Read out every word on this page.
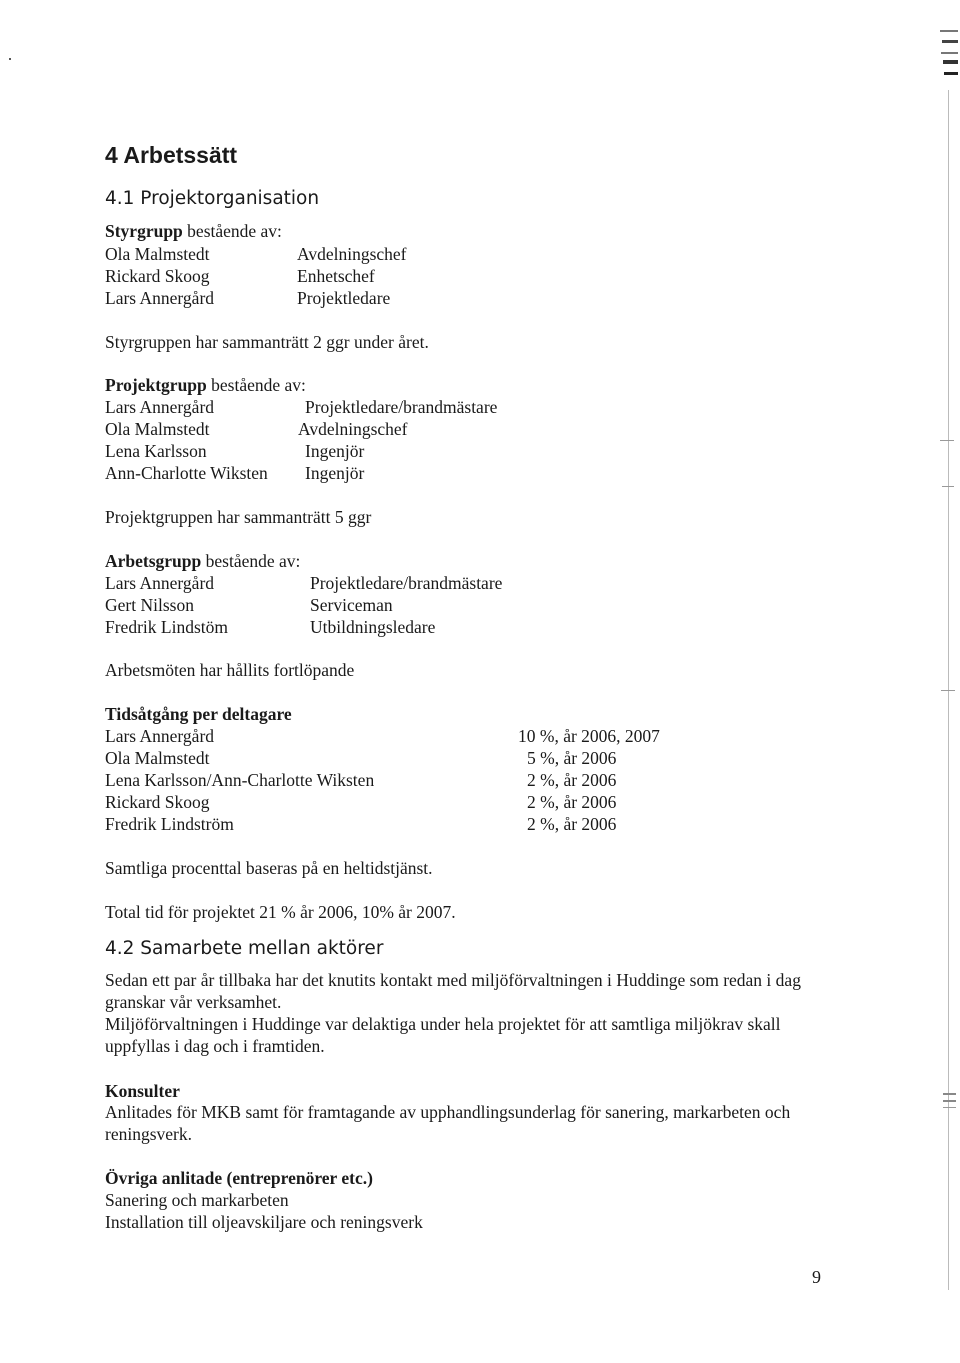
4 Arbetssätt
4.1 Projektorganisation
Styrgrupp bestående av:
Ola Malmstedt	Avdelningschef
Rickard Skoog	Enhetschef
Lars Annergård	Projektledare
Styrgruppen har sammanträtt 2 ggr under året.
Projektgrupp bestående av:
Lars Annergård	Projektledare/brandmästare
Ola Malmstedt	Avdelningschef
Lena Karlsson	Ingenjör
Ann-Charlotte Wiksten Ingenjör
Projektgruppen har sammanträtt 5 ggr
Arbetsgrupp bestående av:
Lars Annergård	Projektledare/brandmästare
Gert Nilsson	Serviceman
Fredrik Lindstöm	Utbildningsledare
Arbetsmöten har hållits fortlöpande
Tidsåtgång per deltagare
Lars Annergård	10 %, år 2006, 2007
Ola Malmstedt	5 %, år 2006
Lena Karlsson/Ann-Charlotte Wiksten	2 %, år 2006
Rickard Skoog	2 %, år 2006
Fredrik Lindström	2 %, år 2006
Samtliga procenttal baseras på en heltidstjänst.
Total tid för projektet 21 % år 2006, 10% år 2007.
4.2 Samarbete mellan aktörer
Sedan ett par år tillbaka har det knutits kontakt med miljöförvaltningen i Huddinge som redan i dag granskar vår verksamhet.
Miljöförvaltningen i Huddinge var delaktiga under hela projektet för att samtliga miljökrav skall uppfyllas i dag och i framtiden.
Konsulter
Anlitades för MKB samt för framtagande av upphandlingsunderlag för sanering, markarbeten och reningsverk.
Övriga anlitade (entreprenörer etc.)
Sanering och markarbeten
Installation till oljeavskiljare och reningsverk
9
